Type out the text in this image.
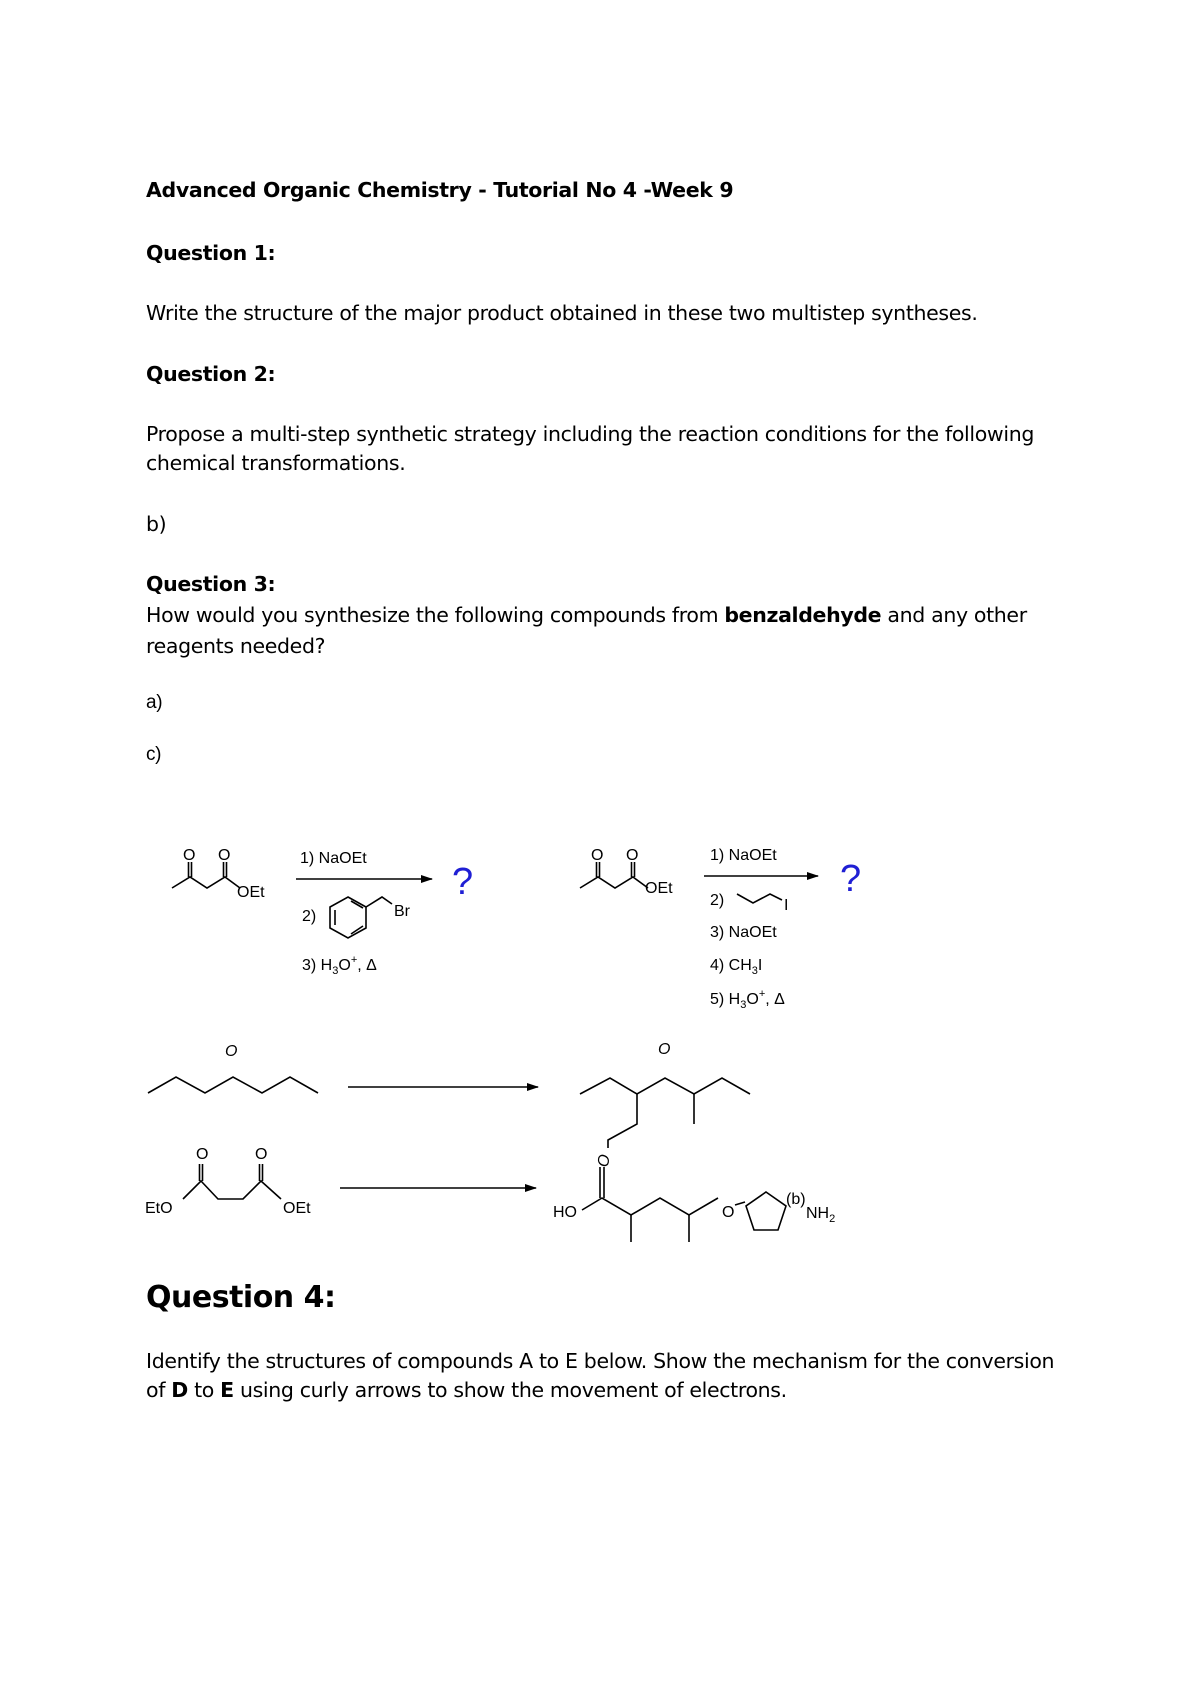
Advanced Organic Chemistry - Tutorial No 4 -Week 9
Question 1:
Write the structure of the major product obtained in these two multistep syntheses.
Question 2:
Propose a multi-step synthetic strategy including the reaction conditions for the following
chemical transformations.
b)
Question 3:
How would you synthesize the following compounds from benzaldehyde and any other
reagents needed?
a)
c)
O O
OEt
1) NaOEt
?
2)	Br
3) $H_3O^+$, Δ
O O
OEt
1) NaOEt
?
2)	I
3) NaOEt
4) $CH_3I$
5) $H_3O^+$, Δ
O	O
O
O	O
EtO	OEt	HO	O
(b)
$NH_2$
Question 4:
Identify the structures of compounds A to E below. Show the mechanism for the conversion
of D to E using curly arrows to show the movement of electrons.
